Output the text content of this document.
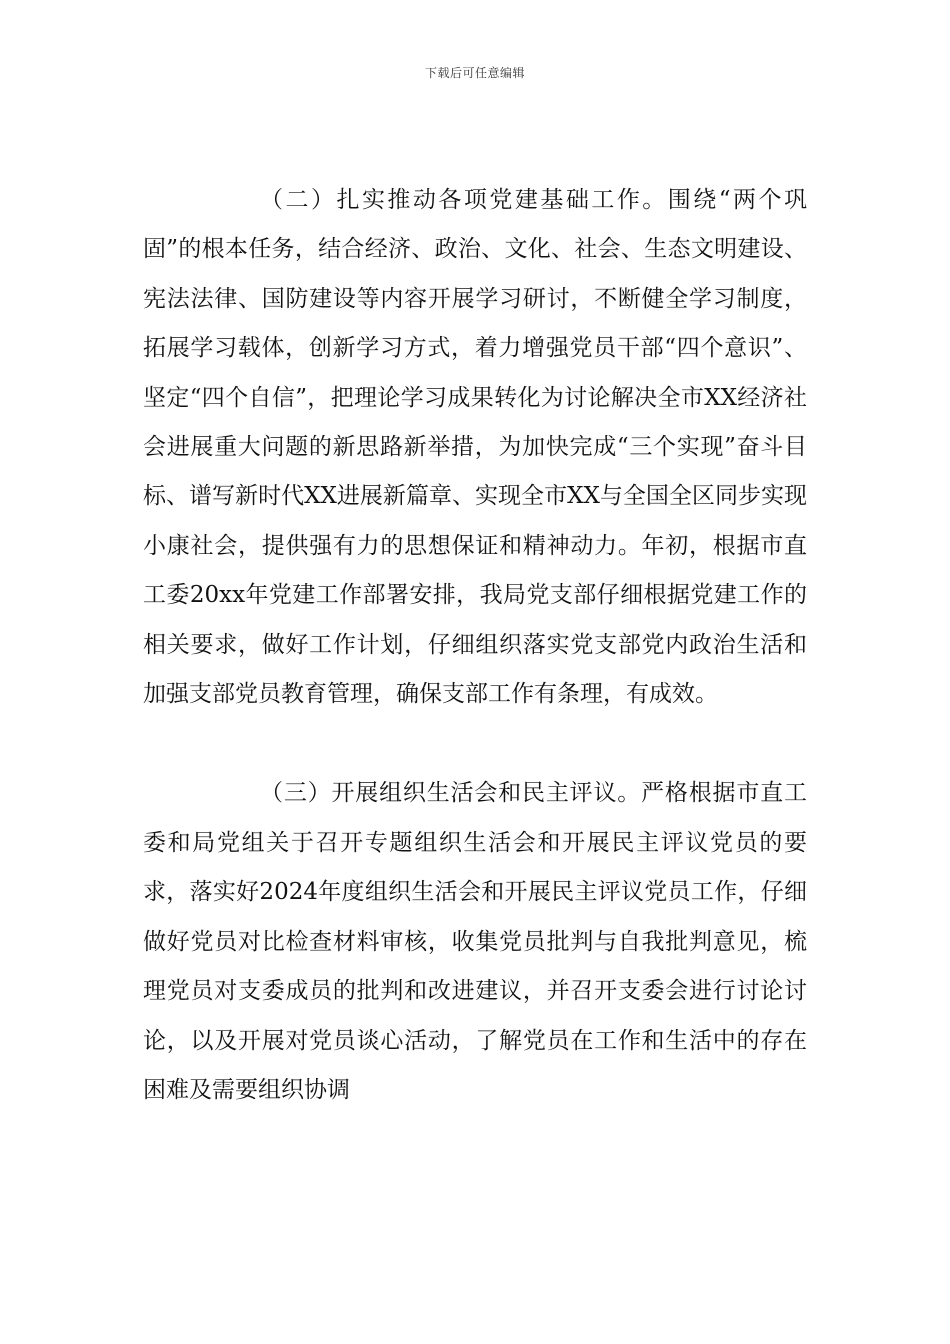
下载后可任意编辑

（二）扎实推动各项党建基础工作。围绕“两个巩固”的根本任务，结合经济、政治、文化、社会、生态文明建设、宪法法律、国防建设等内容开展学习研讨，不断健全学习制度，拓展学习载体，创新学习方式，着力增强党员干部“四个意识”、坚定“四个自信”，把理论学习成果转化为讨论解决全市XX经济社会进展重大问题的新思路新举措，为加快完成“三个实现”奋斗目标、谱写新时代XX进展新篇章、实现全市XX与全国全区同步实现小康社会，提供强有力的思想保证和精神动力。年初，根据市直工委20xx年党建工作部署安排，我局党支部仔细根据党建工作的相关要求，做好工作计划，仔细组织落实党支部党内政治生活和加强支部党员教育管理，确保支部工作有条理，有成效。

（三）开展组织生活会和民主评议。严格根据市直工委和局党组关于召开专题组织生活会和开展民主评议党员的要求，落实好2024年度组织生活会和开展民主评议党员工作，仔细做好党员对比检查材料审核，收集党员批判与自我批判意见，梳理党员对支委成员的批判和改进建议，并召开支委会进行讨论讨论，以及开展对党员谈心活动，了解党员在工作和生活中的存在困难及需要组织协调
